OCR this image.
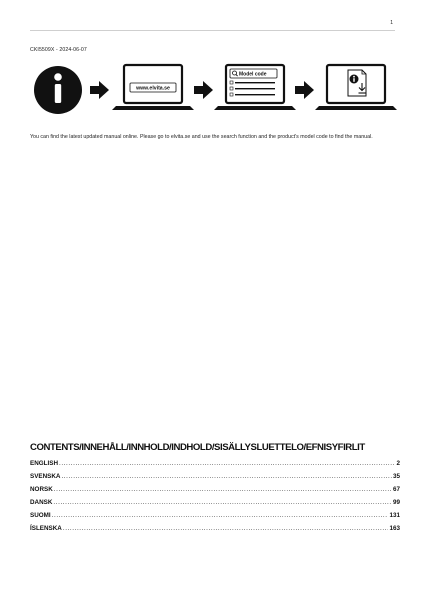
1
CKI5509X - 2024-06-07
www.elvita.se
Model code

You can find the latest updated manual online. Please go to elvita.se and use the search function and the product's model code to find the manual.

CONTENTS/INNEHÅLL/INNHOLD/INDHOLD/SISÄLLYSLUETTELO/EFNISYFIRLIT
ENGLISH .....	2
SVENSKA .....	35
NORSK .....	67
DANSK .....	99
SUOMI .....	131
ÍSLENSKA .....	163
